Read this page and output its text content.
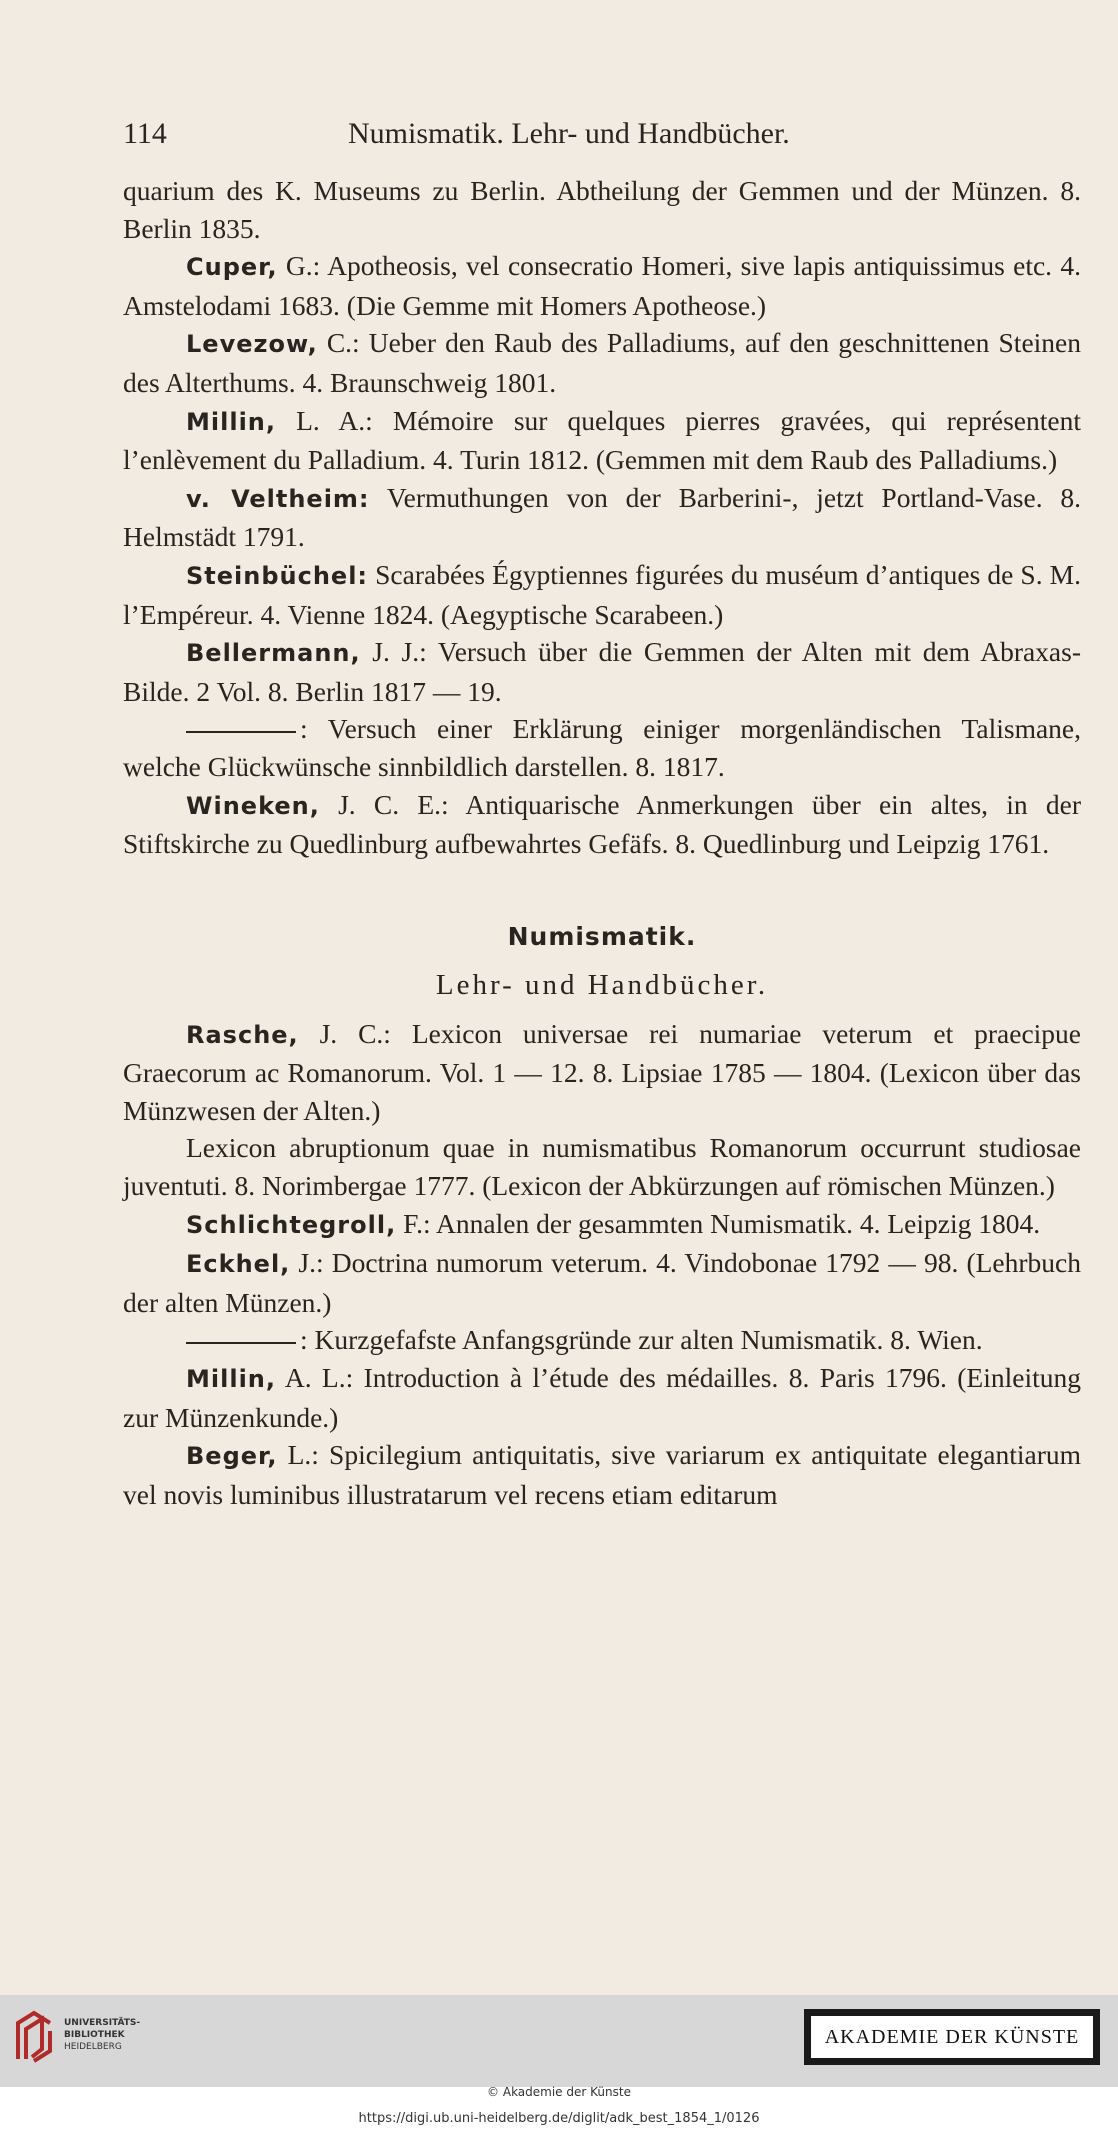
114	Numismatik. Lehr- und Handbücher.

quarium des K. Museums zu Berlin. Abtheilung der Gemmen und der Münzen. 8. Berlin 1835.

Cuper, G.: Apotheosis, vel consecratio Homeri, sive lapis antiquissimus etc. 4. Amstelodami 1683. (Die Gemme mit Homers Apotheose.)

Levezow, C.: Ueber den Raub des Palladiums, auf den geschnittenen Steinen des Alterthums. 4. Braunschweig 1801.

Millin, L. A.: Mémoire sur quelques pierres gravées, qui représentent l’enlèvement du Palladium. 4. Turin 1812. (Gemmen mit dem Raub des Palladiums.)

v. Veltheim: Vermuthungen von der Barberini-, jetzt Portland-Vase. 8. Helmstädt 1791.

Steinbüchel: Scarabées Égyptiennes figurées du muséum d’antiques de S. M. l’Empéreur. 4. Vienne 1824. (Aegyptische Scarabeen.)

Bellermann, J. J.: Versuch über die Gemmen der Alten mit dem Abraxas-Bilde. 2 Vol. 8. Berlin 1817 — 19.

: Versuch einer Erklärung einiger morgenländischen Talismane, welche Glückwünsche sinnbildlich darstellen. 8. 1817.

Wineken, J. C. E.: Antiquarische Anmerkungen über ein altes, in der Stiftskirche zu Quedlinburg aufbewahrtes Gefäfs. 8. Quedlinburg und Leipzig 1761.

Numismatik.
Lehr- und Handbücher.

Rasche, J. C.: Lexicon universae rei numariae veterum et praecipue Graecorum ac Romanorum. Vol. 1 — 12. 8. Lipsiae 1785 — 1804. (Lexicon über das Münzwesen der Alten.)

Lexicon abruptionum quae in numismatibus Romanorum occurrunt studiosae juventuti. 8. Norimbergae 1777. (Lexicon der Abkürzungen auf römischen Münzen.)

Schlichtegroll, F.: Annalen der gesammten Numismatik. 4. Leipzig 1804.

Eckhel, J.: Doctrina numorum veterum. 4. Vindobonae 1792 — 98. (Lehrbuch der alten Münzen.)

: Kurzgefafste Anfangsgründe zur alten Numismatik. 8. Wien.

Millin, A. L.: Introduction à l’étude des médailles. 8. Paris 1796. (Einleitung zur Münzenkunde.)

Beger, L.: Spicilegium antiquitatis, sive variarum ex antiquitate elegantiarum vel novis luminibus illustratarum vel recens etiam editarum

UNIVERSITÄTS-
BIBLIOTHEK
HEIDELBERG	AKADEMIE DER KÜNSTE
© Akademie der Künste
https://digi.ub.uni-heidelberg.de/diglit/adk_best_1854_1/0126
